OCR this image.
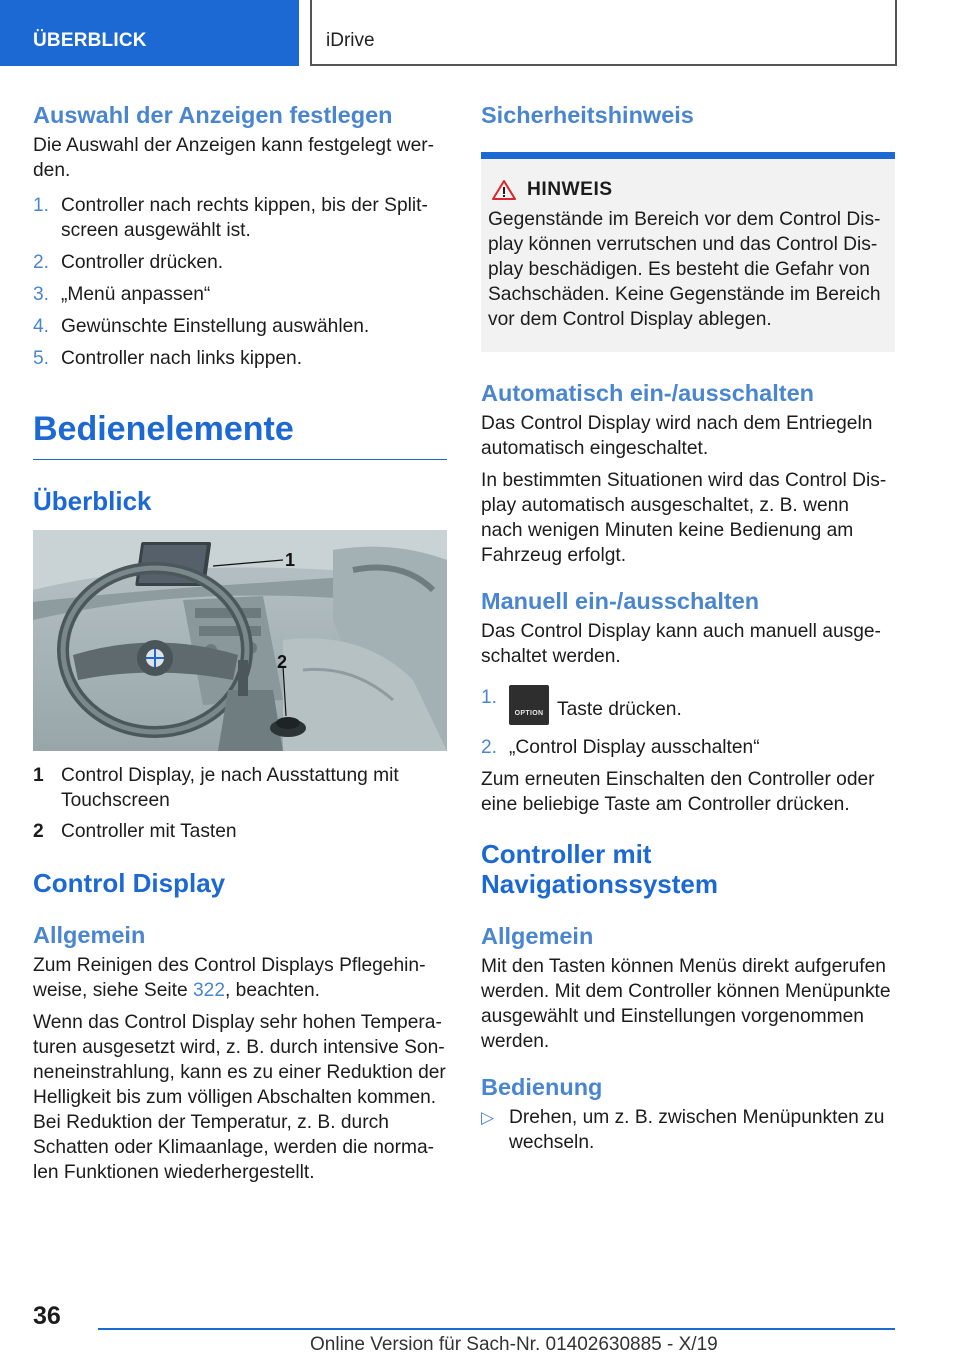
ÜBERBLICK	iDrive
Auswahl der Anzeigen festlegen

Die Auswahl der Anzeigen kann festgelegt wer-den.

1. Controller nach rechts kippen, bis der Split-screen ausgewählt ist.
2. Controller drücken.
3. „Menü anpassen“
4. Gewünschte Einstellung auswählen.
5. Controller nach links kippen.
Bedienelemente
Überblick
1
2
1 Control Display, je nach Ausstattung mit Touchscreen
2 Controller mit Tasten
Control Display
Allgemein

Zum Reinigen des Control Displays Pflegehin-weise, siehe Seite 322, beachten.

Wenn das Control Display sehr hohen Tempera-turen ausgesetzt wird, z. B. durch intensive Son-neneinstrahlung, kann es zu einer Reduktion der Helligkeit bis zum völligen Abschalten kommen. Bei Reduktion der Temperatur, z. B. durch Schatten oder Klimaanlage, werden die norma-len Funktionen wiederhergestellt.

Sicherheitshinweis
HINWEIS

Gegenstände im Bereich vor dem Control Dis-play können verrutschen und das Control Dis-play beschädigen. Es besteht die Gefahr von Sachschäden. Keine Gegenstände im Bereich vor dem Control Display ablegen.

Automatisch ein-/ausschalten

Das Control Display wird nach dem Entriegeln automatisch eingeschaltet.

In bestimmten Situationen wird das Control Dis-play automatisch ausgeschaltet, z. B. wenn nach wenigen Minuten keine Bedienung am Fahrzeug erfolgt.

Manuell ein-/ausschalten

Das Control Display kann auch manuell ausge-schaltet werden.

1.
OPTION Taste drücken.
2. „Control Display ausschalten“

Zum erneuten Einschalten den Controller oder eine beliebige Taste am Controller drücken.

Controller mit Navigationssystem
Allgemein

Mit den Tasten können Menüs direkt aufgerufen werden. Mit dem Controller können Menüpunkte ausgewählt und Einstellungen vorgenommen werden.

Bedienung
▷ Drehen, um z. B. zwischen Menüpunkten zu wechseln.
36
Online Version für Sach-Nr. 01402630885 - X/19
